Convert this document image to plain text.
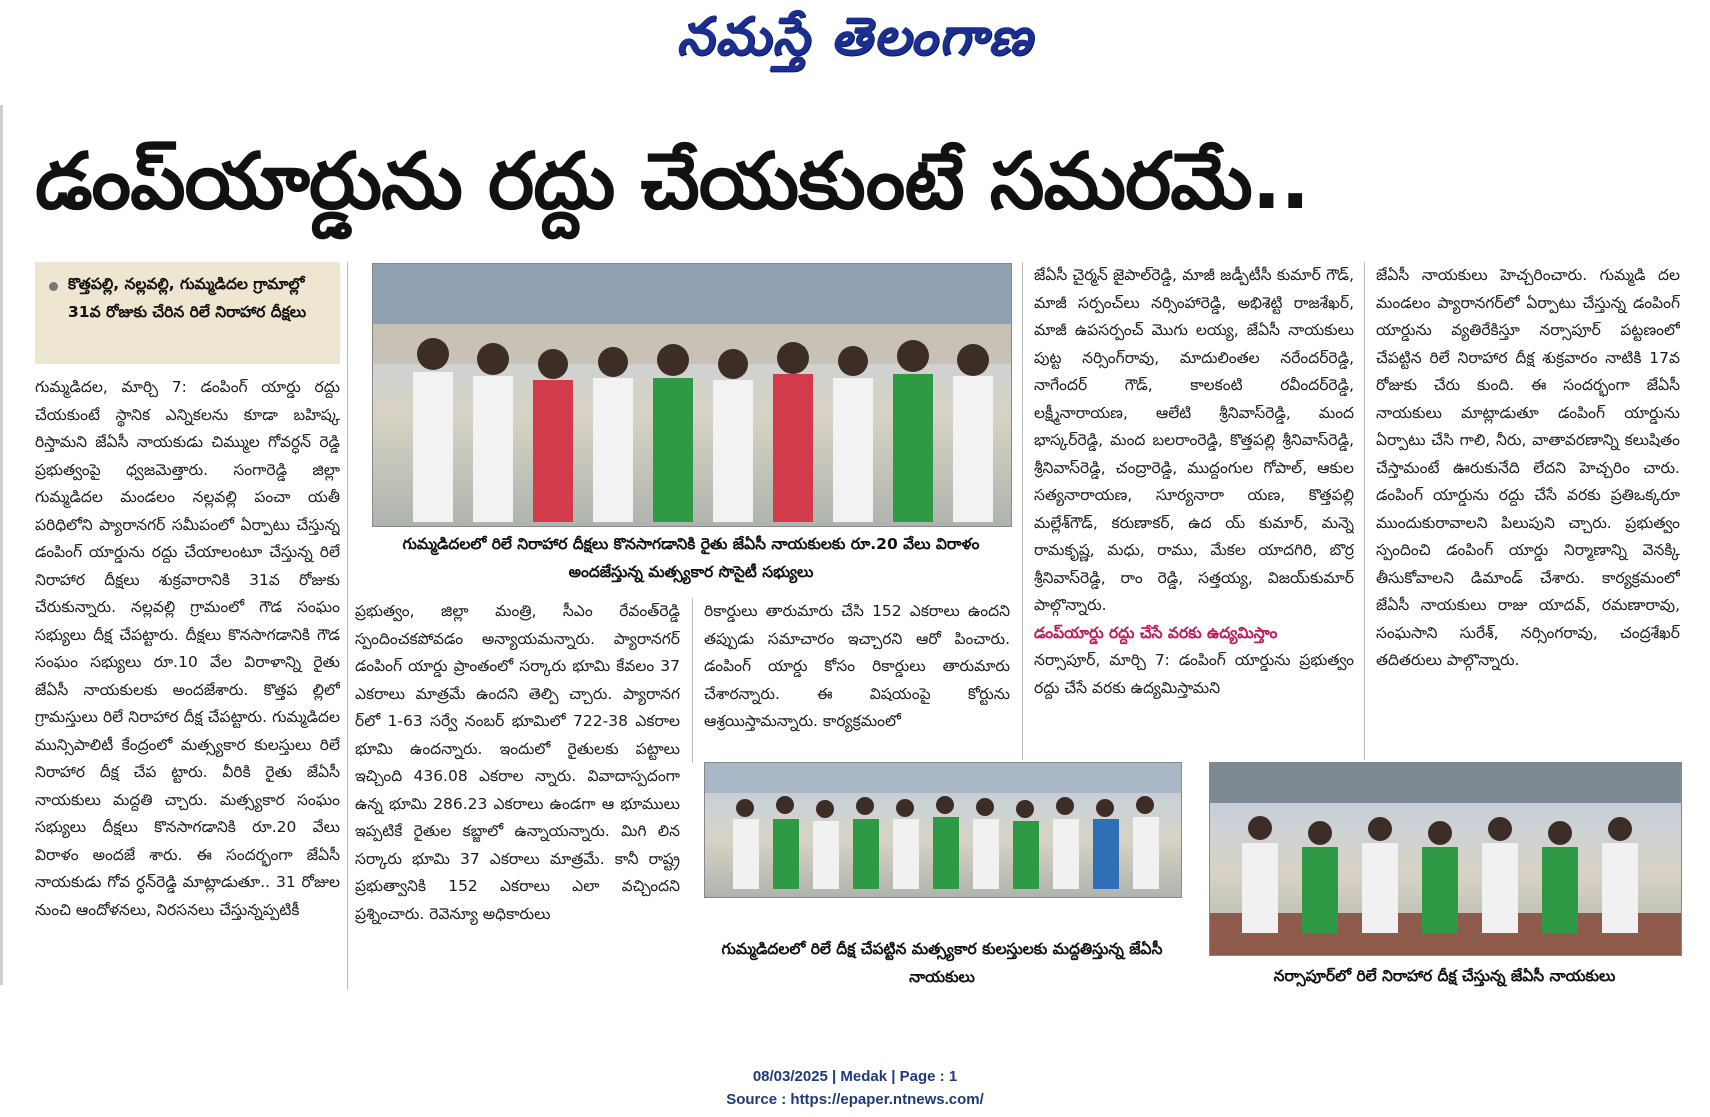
నమస్తే తెలంగాణ
డంప్‌యార్డును రద్దు చేయకుంటే సమరమే..
కొత్తపల్లి, నల్లవల్లి, గుమ్మడిదల గ్రామాల్లో 31వ రోజుకు చేరిన రిలే నిరాహార దీక్షలు

గుమ్మడిదల, మార్చి 7: డంపింగ్ యార్డు రద్దు చేయకుంటే స్థానిక ఎన్నికలను కూడా బహిష్క రిస్తామని జేఏసీ నాయకుడు చిమ్ముల గోవర్ధన్ రెడ్డి ప్రభుత్వంపై ధ్వజమెత్తారు. సంగారెడ్డి జిల్లా గుమ్మడిదల మండలం నల్లవల్లి పంచా యతీ పరిధిలోని ప్యారానగర్ సమీపంలో ఏర్పాటు చేస్తున్న డంపింగ్ యార్డును రద్దు చేయాలంటూ చేస్తున్న రిలే నిరాహార దీక్షలు శుక్రవారానికి 31వ రోజుకు చేరుకున్నారు. నల్లవల్లి గ్రామంలో గౌడ సంఘం సభ్యులు దీక్ష చేపట్టారు. దీక్షలు కొనసాగడానికి గౌడ సంఘం సభ్యులు రూ.10 వేల విరాళాన్ని రైతు జేఏసీ నాయకులకు అందజేశారు. కొత్తప ల్లిలో గ్రామస్తులు రిలే నిరాహార దీక్ష చేపట్టారు. గుమ్మడిదల మున్సిపాలిటీ కేంద్రంలో మత్స్యకార కులస్తులు రిలే నిరాహార దీక్ష చేప ట్టారు. వీరికి రైతు జేఏసీ నాయకులు మద్దతి చ్చారు. మత్స్యకార సంఘం సభ్యులు దీక్షలు కొనసాగడానికి రూ.20 వేలు విరాళం అందజే శారు. ఈ సందర్భంగా జేఏసీ నాయకుడు గోవ ర్ధన్‌రెడ్డి మాట్లాడుతూ.. 31 రోజుల నుంచి ఆందోళనలు, నిరసనలు చేస్తున్నప్పటికీ

గుమ్మడిదలలో రిలే నిరాహార దీక్షలు కొనసాగడానికి రైతు జేఏసీ నాయకులకు రూ.20 వేలు విరాళం అందజేస్తున్న మత్స్యకార సొసైటీ సభ్యులు

ప్రభుత్వం, జిల్లా మంత్రి, సీఎం రేవంత్‌రెడ్డి స్పందించకపోవడం అన్యాయమన్నారు. ప్యారానగర్ డంపింగ్ యార్డు ప్రాంతంలో సర్కారు భూమి కేవలం 37 ఎకరాలు మాత్రమే ఉందని తెల్పి చ్చారు. ప్యారానగ ర్‌లో 1-63 సర్వే నంబర్ భూమిలో 722-38 ఎకరాల భూమి ఉందన్నారు. ఇందులో రైతులకు పట్టాలు ఇచ్చింది 436.08 ఎకరాల న్నారు. వివాదాస్పదంగా ఉన్న భూమి 286.23 ఎకరాలు ఉండగా ఆ భూములు ఇప్పటికే రైతుల కబ్జాలో ఉన్నాయన్నారు. మిగి లిన సర్కారు భూమి 37 ఎకరాలు మాత్రమే. కానీ రాష్ట్ర ప్రభుత్వానికి 152 ఎకరాలు ఎలా వచ్చిందని ప్రశ్నించారు. రెవెన్యూ అధికారులు

రికార్డులు తారుమారు చేసి 152 ఎకరాలు ఉందని తప్పుడు సమాచారం ఇచ్చారని ఆరో పించారు. డంపింగ్ యార్డు కోసం రికార్డులు తారుమారు చేశారన్నారు. ఈ విషయంపై కోర్టును ఆశ్రయిస్తామన్నారు. కార్యక్రమంలో

జేఏసీ చైర్మన్ జైపాల్‌రెడ్డి, మాజీ జడ్పీటీసీ కుమార్ గౌడ్, మాజీ సర్పంచ్‌లు నర్సింహారెడ్డి, అభిశెట్టి రాజశేఖర్, మాజీ ఉపసర్పంచ్ మొగు లయ్య, జేఏసీ నాయకులు పుట్ట నర్సింగ్‌రావు, మాదులింతల నరేందర్‌రెడ్డి, నాగేందర్ గౌడ్, కాలకంటి రవీందర్‌రెడ్డి, లక్ష్మీనారాయణ, ఆలేటి శ్రీనివాస్‌రెడ్డి, మంద భాస్కర్‌రెడ్డి, మంద బలరాంరెడ్డి, కొత్తపల్లి శ్రీనివాస్‌రెడ్డి, శ్రీనివాస్‌రెడ్డి, చంద్రారెడ్డి, ముద్దంగుల గోపాల్, ఆకుల సత్యనారాయణ, సూర్యనారా యణ, కొత్తపల్లి మల్లేశ్‌గౌడ్, కరుణాకర్, ఉద య్ కుమార్, మన్నె రామకృష్ణ, మధు, రాము, మేకల యాదగిరి, బొర్ర శ్రీనివాస్‌రెడ్డి, రాం రెడ్డి, సత్తయ్య, విజయ్‌కుమార్ పాల్గొన్నారు.

డంప్‌యార్డు రద్దు చేసే వరకు ఉద్యమిస్తాం

నర్సాపూర్, మార్చి 7: డంపింగ్ యార్డును ప్రభుత్వం రద్దు చేసే వరకు ఉద్యమిస్తామని

జేఏసీ నాయకులు హెచ్చరించారు. గుమ్మడి దల మండలం ప్యారానగర్‌లో ఏర్పాటు చేస్తున్న డంపింగ్ యార్డును వ్యతిరేకిస్తూ నర్సాపూర్ పట్టణంలో చేపట్టిన రిలే నిరాహార దీక్ష శుక్రవారం నాటికి 17వ రోజుకు చేరు కుంది. ఈ సందర్భంగా జేఏసీ నాయకులు మాట్లాడుతూ డంపింగ్ యార్డును ఏర్పాటు చేసి గాలి, నీరు, వాతావరణాన్ని కలుషితం చేస్తామంటే ఊరుకునేది లేదని హెచ్చరిం చారు. డంపింగ్ యార్డును రద్దు చేసే వరకు ప్రతిఒక్కరూ ముందుకురావాలని పిలుపుని చ్చారు. ప్రభుత్వం స్పందించి డంపింగ్ యార్డు నిర్మాణాన్ని వెనక్కి తీసుకోవాలని డిమాండ్ చేశారు. కార్యక్రమంలో జేఏసీ నాయకులు రాజు యాదవ్, రమణారావు, సంఘసాని సురేశ్, నర్సింగరావు, చంద్రశేఖర్ తదితరులు పాల్గొన్నారు.

గుమ్మడిదలలో రిలే దీక్ష చేపట్టిన మత్స్యకార కులస్తులకు మద్దతిస్తున్న జేఏసీ నాయకులు	నర్సాపూర్‌లో రిలే నిరాహార దీక్ష చేస్తున్న జేఏసీ నాయకులు
08/03/2025 | Medak | Page : 1
Source : https://epaper.ntnews.com/
